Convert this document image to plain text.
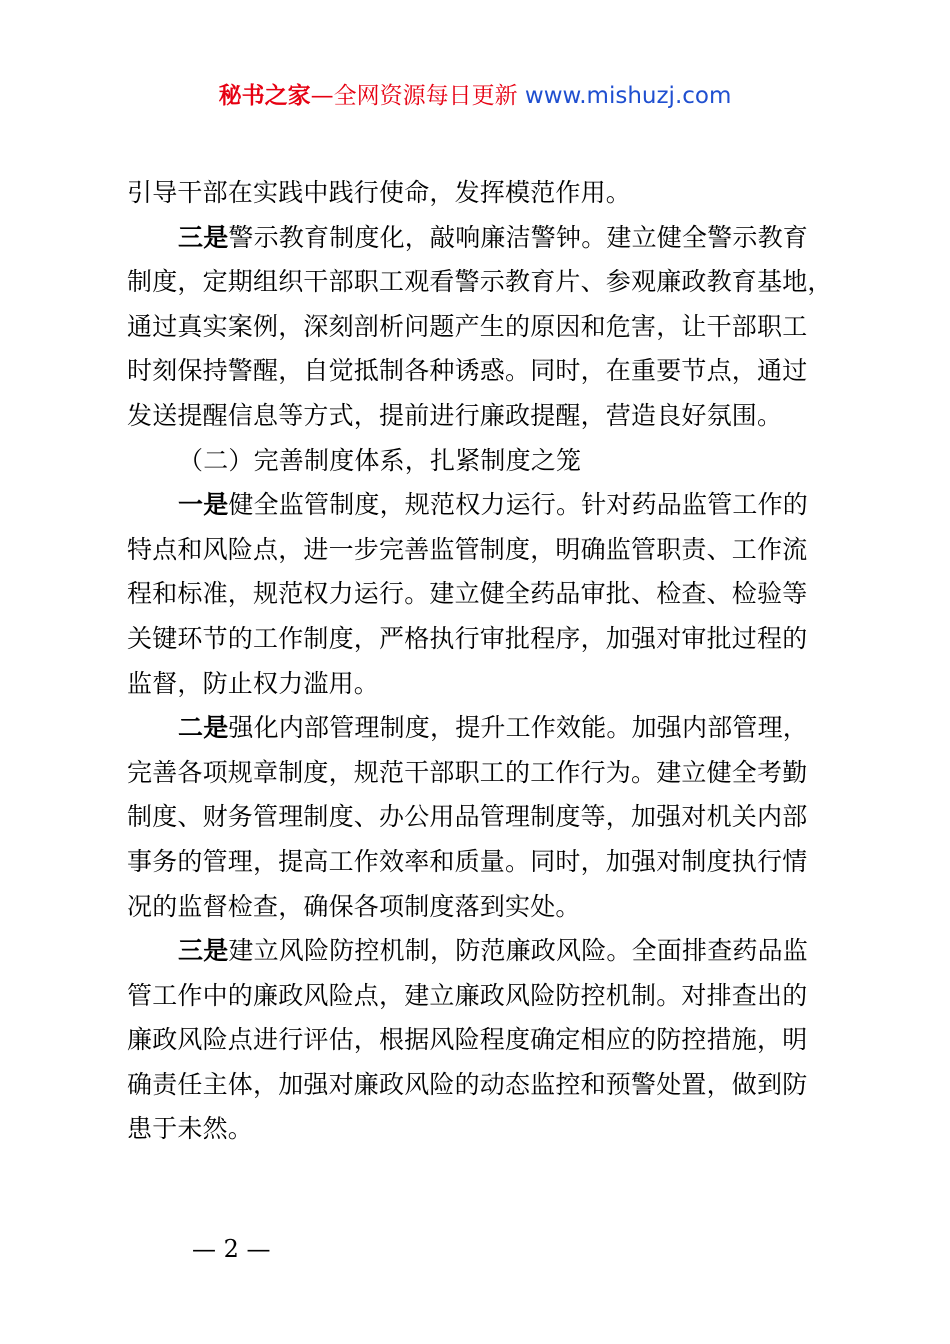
秘书之家—全网资源每日更新 www.mishuzj.com
引导干部在实践中践行使命，发挥模范作用。
三是警示教育制度化，敲响廉洁警钟。建立健全警示教育
制度，定期组织干部职工观看警示教育片、参观廉政教育基地，
通过真实案例，深刻剖析问题产生的原因和危害，让干部职工
时刻保持警醒，自觉抵制各种诱惑。同时，在重要节点，通过
发送提醒信息等方式，提前进行廉政提醒，营造良好氛围。
（二）完善制度体系，扎紧制度之笼
一是健全监管制度，规范权力运行。针对药品监管工作的
特点和风险点，进一步完善监管制度，明确监管职责、工作流
程和标准，规范权力运行。建立健全药品审批、检查、检验等
关键环节的工作制度，严格执行审批程序，加强对审批过程的
监督，防止权力滥用。
二是强化内部管理制度，提升工作效能。加强内部管理，
完善各项规章制度，规范干部职工的工作行为。建立健全考勤
制度、财务管理制度、办公用品管理制度等，加强对机关内部
事务的管理，提高工作效率和质量。同时，加强对制度执行情
况的监督检查，确保各项制度落到实处。
三是建立风险防控机制，防范廉政风险。全面排查药品监
管工作中的廉政风险点，建立廉政风险防控机制。对排查出的
廉政风险点进行评估，根据风险程度确定相应的防控措施，明
确责任主体，加强对廉政风险的动态监控和预警处置，做到防
患于未然。
— 2 —
